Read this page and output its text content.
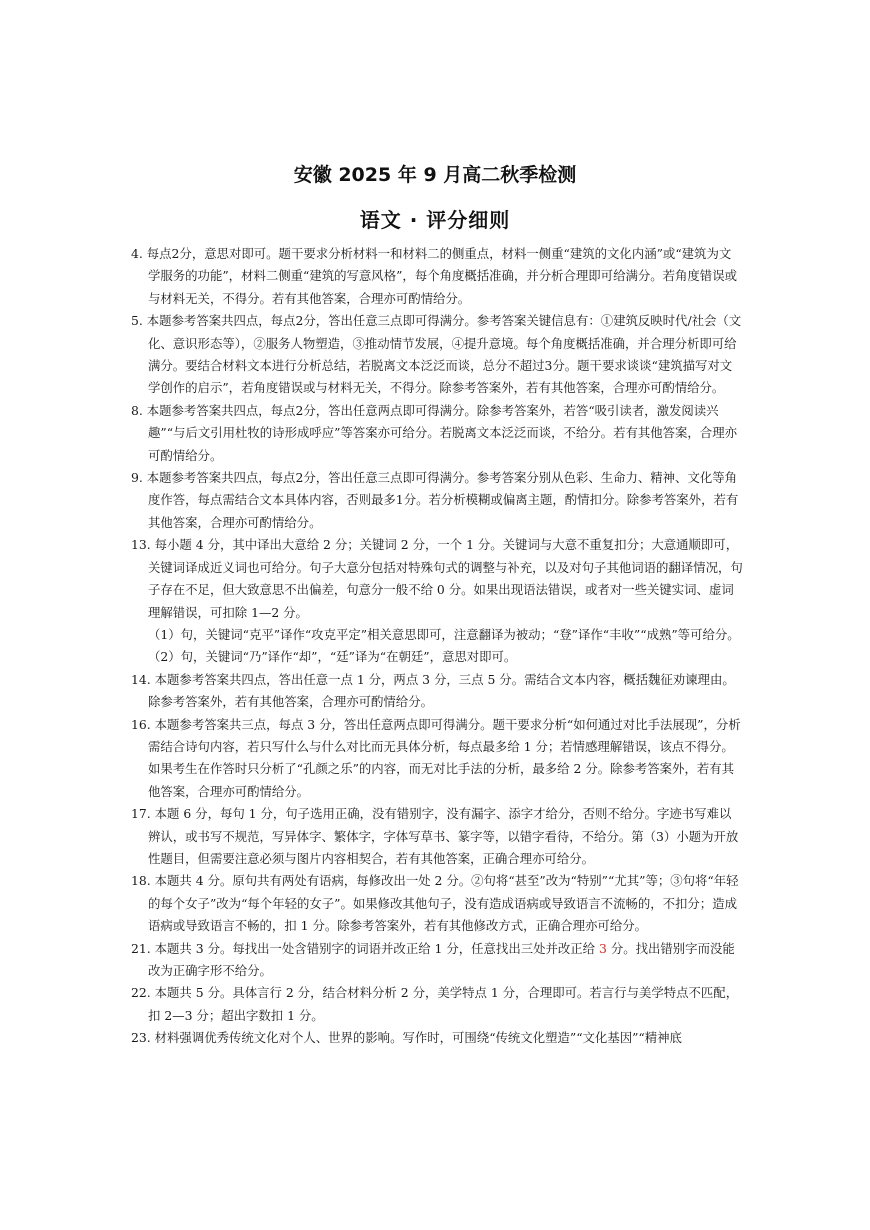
安徽 2025 年 9 月高二秋季检测
语文 · 评分细则

4. 每点2分，意思对即可。题干要求分析材料一和材料二的侧重点，材料一侧重“建筑的文化内涵”或“建筑为文学服务的功能”，材料二侧重“建筑的写意风格”，每个角度概括准确，并分析合理即可给满分。若角度错误或与材料无关，不得分。若有其他答案，合理亦可酌情给分。

5. 本题参考答案共四点，每点2分，答出任意三点即可得满分。参考答案关键信息有：①建筑反映时代/社会（文化、意识形态等），②服务人物塑造，③推动情节发展，④提升意境。每个角度概括准确，并合理分析即可给满分。要结合材料文本进行分析总结，若脱离文本泛泛而谈，总分不超过3分。题干要求谈谈“建筑描写对文学创作的启示”，若角度错误或与材料无关，不得分。除参考答案外，若有其他答案，合理亦可酌情给分。

8. 本题参考答案共四点，每点2分，答出任意两点即可得满分。除参考答案外，若答“吸引读者，激发阅读兴趣”“与后文引用杜牧的诗形成呼应”等答案亦可给分。若脱离文本泛泛而谈，不给分。若有其他答案，合理亦可酌情给分。

9. 本题参考答案共四点，每点2分，答出任意三点即可得满分。参考答案分别从色彩、生命力、精神、文化等角度作答，每点需结合文本具体内容，否则最多1分。若分析模糊或偏离主题，酌情扣分。除参考答案外，若有其他答案，合理亦可酌情给分。

13. 每小题 4 分，其中译出大意给 2 分；关键词 2 分，一个 1 分。关键词与大意不重复扣分；大意通顺即可，关键词译成近义词也可给分。句子大意分包括对特殊句式的调整与补充，以及对句子其他词语的翻译情况，句子存在不足，但大致意思不出偏差，句意分一般不给 0 分。如果出现语法错误，或者对一些关键实词、虚词理解错误，可扣除 1—2 分。

（1）句，关键词“克平”译作“攻克平定”相关意思即可，注意翻译为被动；“登”译作“丰收”“成熟”等可给分。（2）句，关键词“乃”译作“却”，“廷”译为“在朝廷”，意思对即可。

14. 本题参考答案共四点，答出任意一点 1 分，两点 3 分，三点 5 分。需结合文本内容，概括魏征劝谏理由。除参考答案外，若有其他答案，合理亦可酌情给分。

16. 本题参考答案共三点，每点 3 分，答出任意两点即可得满分。题干要求分析“如何通过对比手法展现”，分析需结合诗句内容，若只写什么与什么对比而无具体分析，每点最多给 1 分；若情感理解错误，该点不得分。如果考生在作答时只分析了“孔颜之乐”的内容，而无对比手法的分析，最多给 2 分。除参考答案外，若有其他答案，合理亦可酌情给分。

17. 本题 6 分，每句 1 分，句子选用正确，没有错别字，没有漏字、添字才给分，否则不给分。字迹书写难以辨认，或书写不规范，写异体字、繁体字，字体写草书、篆字等，以错字看待，不给分。第（3）小题为开放性题目，但需要注意必须与图片内容相契合，若有其他答案，正确合理亦可给分。

18. 本题共 4 分。原句共有两处有语病，每修改出一处 2 分。②句将“甚至”改为“特别”“尤其”等；③句将“年轻的每个女子”改为“每个年轻的女子”。如果修改其他句子，没有造成语病或导致语言不流畅的，不扣分；造成语病或导致语言不畅的，扣 1 分。除参考答案外，若有其他修改方式，正确合理亦可给分。

21. 本题共 3 分。每找出一处含错别字的词语并改正给 1 分，任意找出三处并改正给 3 分。找出错别字而没能改为正确字形不给分。

22. 本题共 5 分。具体言行 2 分，结合材料分析 2 分，美学特点 1 分，合理即可。若言行与美学特点不匹配，扣 2—3 分；超出字数扣 1 分。

23. 材料强调优秀传统文化对个人、世界的影响。写作时，可围绕“传统文化塑造”“文化基因”“精神底
